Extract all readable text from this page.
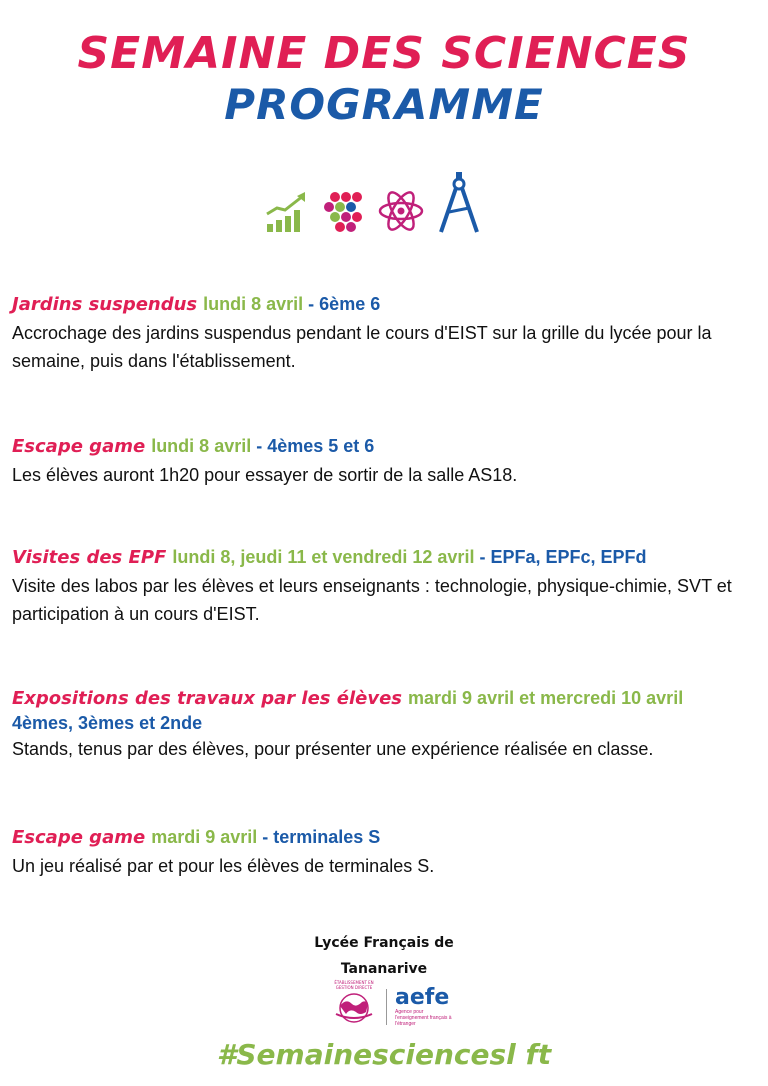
SEMAINE DES SCIENCES
PROGRAMME
Jardins suspendus lundi 8 avril - 6ème 6
Accrochage des jardins suspendus pendant le cours d'EIST sur la grille du lycée pour la semaine, puis dans l'établissement.
Escape game lundi 8 avril - 4èmes 5 et 6
Les élèves auront 1h20 pour essayer de sortir de la salle AS18.
Visites des EPF lundi 8, jeudi 11 et vendredi 12 avril - EPFa, EPFc, EPFd
Visite des labos par les élèves et leurs enseignants : technologie, physique-chimie, SVT et participation à un cours d'EIST.
Expositions des travaux par les élèves mardi 9 avril et mercredi 10 avril
4èmes, 3èmes et 2nde
Stands, tenus par des élèves, pour présenter une expérience réalisée en classe.
Escape game mardi 9 avril - terminales S
Un jeu réalisé par et pour les élèves de terminales S.
Lycée Français de
Tananarive
ÉTABLISSEMENT EN GESTION DIRECTE aefe
Agence pour l'enseignement français à l'étranger
#Semainesciencesl ft
